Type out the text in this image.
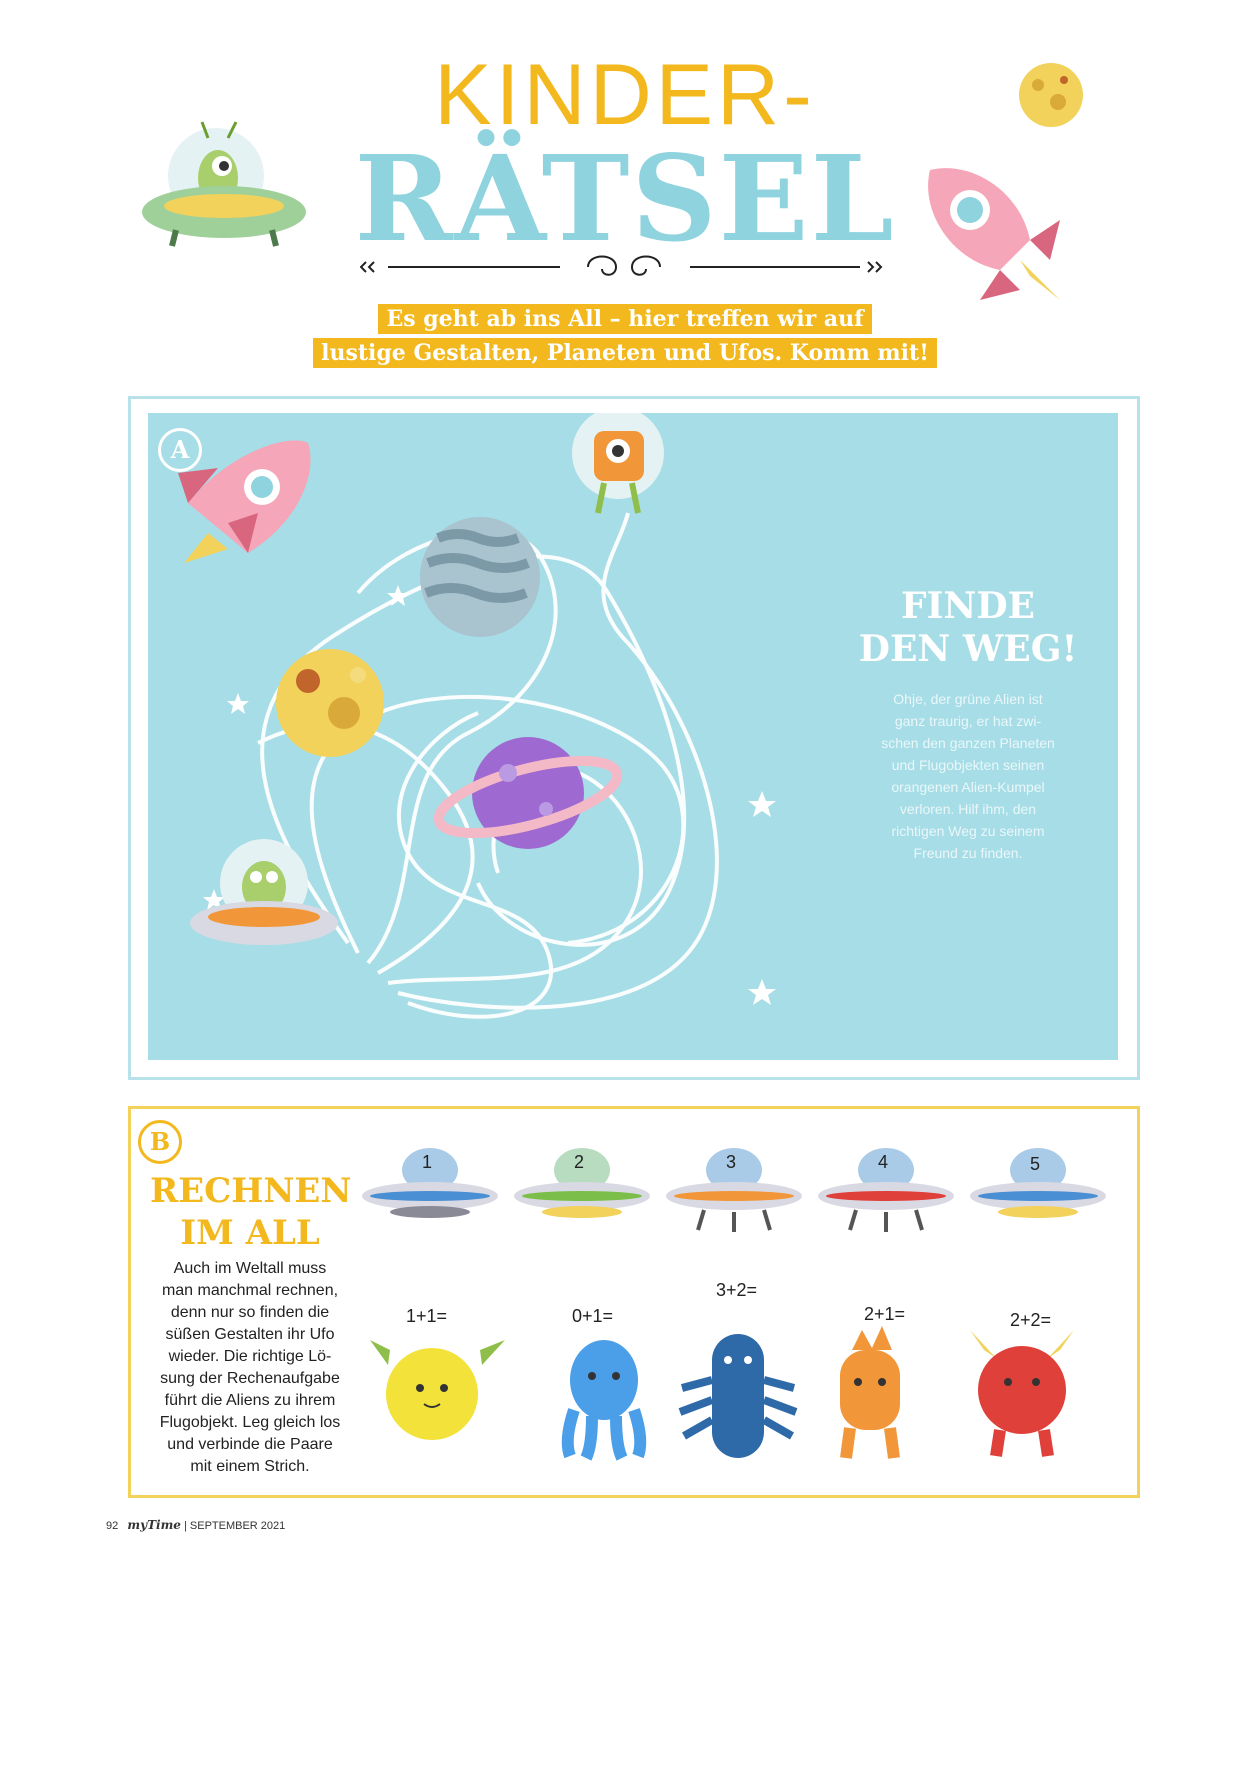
KINDER-
RÄTSEL
Es geht ab ins All – hier treffen wir auf
lustige Gestalten, Planeten und Ufos. Komm mit!
A
FINDE
DEN WEG!
Ohje, der grüne Alien ist
ganz traurig, er hat zwi-
schen den ganzen Planeten
und Flugobjekten seinen
orangenen Alien-Kumpel
verloren. Hilf ihm, den
richtigen Weg zu seinem
Freund zu finden.
B
RECHNEN
IM ALL
Auch im Weltall muss
man manchmal rechnen,
denn nur so finden die
süßen Gestalten ihr Ufo
wieder. Die richtige Lö-
sung der Rechenaufgabe
führt die Aliens zu ihrem
Flugobjekt. Leg gleich los
und verbinde die Paare
mit einem Strich.
1	2	3	4	5
1+1=	0+1=
3+2=
2+1=	2+2=
92 myTime | SEPTEMBER 2021
